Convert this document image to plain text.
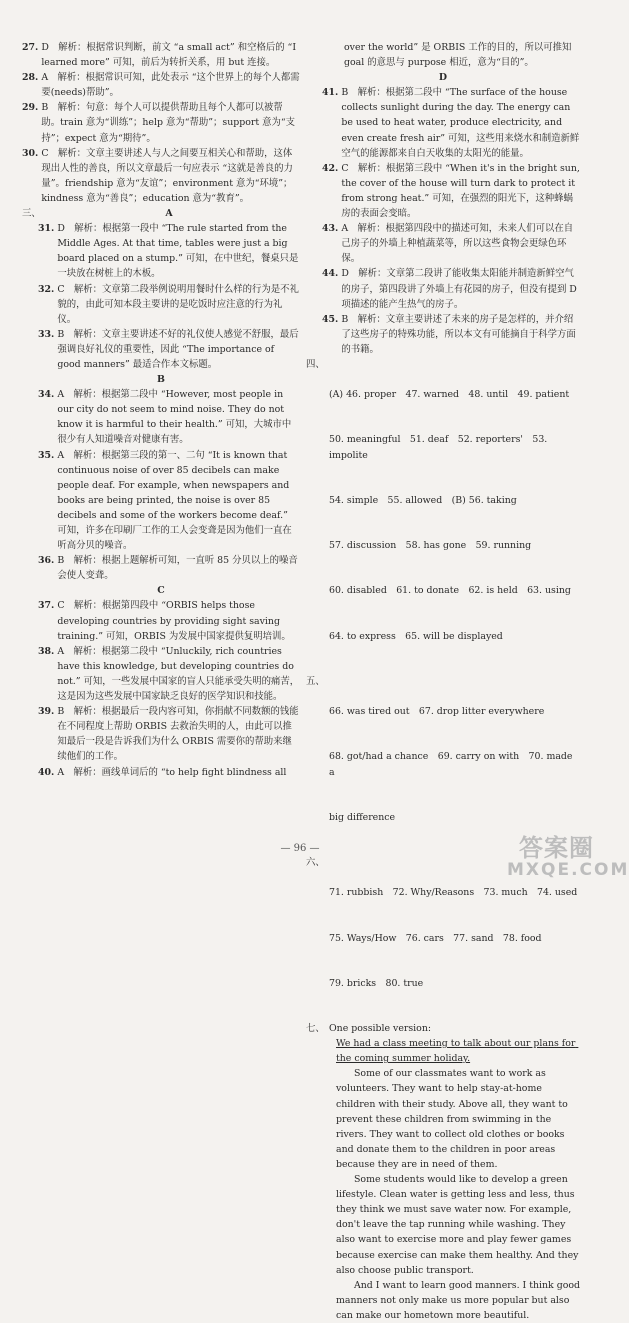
27. D　解析：根据常识判断，前文 “a small act” 和空格后的 “I learned more” 可知，前后为转折关系，用 but 连接。
28. A　解析：根据常识可知，此处表示 “这个世界上的每个人都需要(needs)帮助”。
29. B　解析：句意：每个人可以提供帮助且每个人都可以被帮助。train 意为“训练”；help 意为“帮助”；support 意为“支持”；expect 意为“期待”。
30. C　解析：文章主要讲述人与人之间要互相关心和帮助，这体现出人性的善良，所以文章最后一句应表示 “这就是善良的力量”。friendship 意为“友谊”；environment 意为“环境”；kindness 意为“善良”；education 意为“教育”。
三、	A
31. D　解析：根据第一段中 “The rule started from the Middle Ages. At that time, tables were just a big board placed on a stump.” 可知，在中世纪，餐桌只是一块放在树桩上的木板。
32. C　解析：文章第二段举例说明用餐时什么样的行为是不礼貌的，由此可知本段主要讲的是吃饭时应注意的行为礼仪。
33. B　解析：文章主要讲述不好的礼仪使人感觉不舒服，最后强调良好礼仪的重要性，因此 “The importance of good manners” 最适合作本文标题。
B
34. A　解析：根据第二段中 “However, most people in our city do not seem to mind noise. They do not know it is harmful to their health.” 可知，大城市中很少有人知道噪音对健康有害。
35. A　解析：根据第三段的第一、二句 “It is known that continuous noise of over 85 decibels can make people deaf. For example, when newspapers and books are being printed, the noise is over 85 decibels and some of the workers become deaf.” 可知，许多在印刷厂工作的工人会变聋是因为他们一直在听高分贝的噪音。
36. B　解析：根据上题解析可知，一直听 85 分贝以上的噪音会使人变聋。
C
37. C　解析：根据第四段中 “ORBIS helps those developing countries by providing sight saving training.” 可知，ORBIS 为发展中国家提供复明培训。
38. A　解析：根据第二段中 “Unluckily, rich countries have this knowledge, but developing countries do not.” 可知，一些发展中国家的盲人只能承受失明的痛苦，这是因为这些发展中国家缺乏良好的医学知识和技能。
39. B　解析：根据最后一段内容可知，你捐献不同数额的钱能在不同程度上帮助 ORBIS 去救治失明的人，由此可以推知最后一段是告诉我们为什么 ORBIS 需要你的帮助来继续他们的工作。
40. A　解析：画线单词后的 “to help fight blindness all
over the world” 是 ORBIS 工作的目的，所以可推知 goal 的意思与 purpose 相近，意为“目的”。
D
41. B　解析：根据第二段中 “The surface of the house collects sunlight during the day. The energy can be used to heat water, produce electricity, and even create fresh air” 可知，这些用来烧水和制造新鲜空气的能源都来自白天收集的太阳光的能量。
42. C　解析：根据第三段中 “When it's in the bright sun, the cover of the house will turn dark to protect it from strong heat.” 可知，在强烈的阳光下，这种蜂蜗房的表面会变暗。
43. A　解析：根据第四段中的描述可知，未来人们可以在自己房子的外墙上种植蔬菜等，所以这些食物会更绿色环保。
44. D　解析：文章第二段讲了能收集太阳能并制造新鲜空气的房子，第四段讲了外墙上有花园的房子，但没有提到 D 项描述的能产生热气的房子。
45. B　解析：文章主要讲述了未来的房子是怎样的，并介绍了这些房子的特殊功能，所以本文有可能摘自于科学方面的书籍。
四、

(A) 46. proper　47. warned　48. until　49. patient

50. meaningful　51. deaf　52. reporters'　53. impolite

54. simple　55. allowed　(B) 56. taking

57. discussion　58. has gone　59. running

60. disabled　61. to donate　62. is held　63. using

64. to express　65. will be displayed

五、

66. was tired out　67. drop litter everywhere

68. got/had a chance　69. carry on with　70. made a

big difference

六、

71. rubbish　72. Why/Reasons　73. much　74. used

75. Ways/How　76. cars　77. sand　78. food

79. bricks　80. true

七、 One possible version:
We had a class meeting to talk about our plans for the coming summer holiday.
Some of our classmates want to work as volunteers. They want to help stay-at-home children with their study. Above all, they want to prevent these children from swimming in the rivers. They want to collect old clothes or books and donate them to the children in poor areas because they are in need of them.
Some students would like to develop a green lifestyle. Clean water is getting less and less, thus they think we must save water now. For example, don't leave the tap running while washing. They also want to exercise more and play fewer games because exercise can make them healthy. And they also choose public transport.
And I want to learn good manners. I think good manners not only make us more popular but also can make our hometown more beautiful.
— 96 —	答案圈
MXQE.COM
